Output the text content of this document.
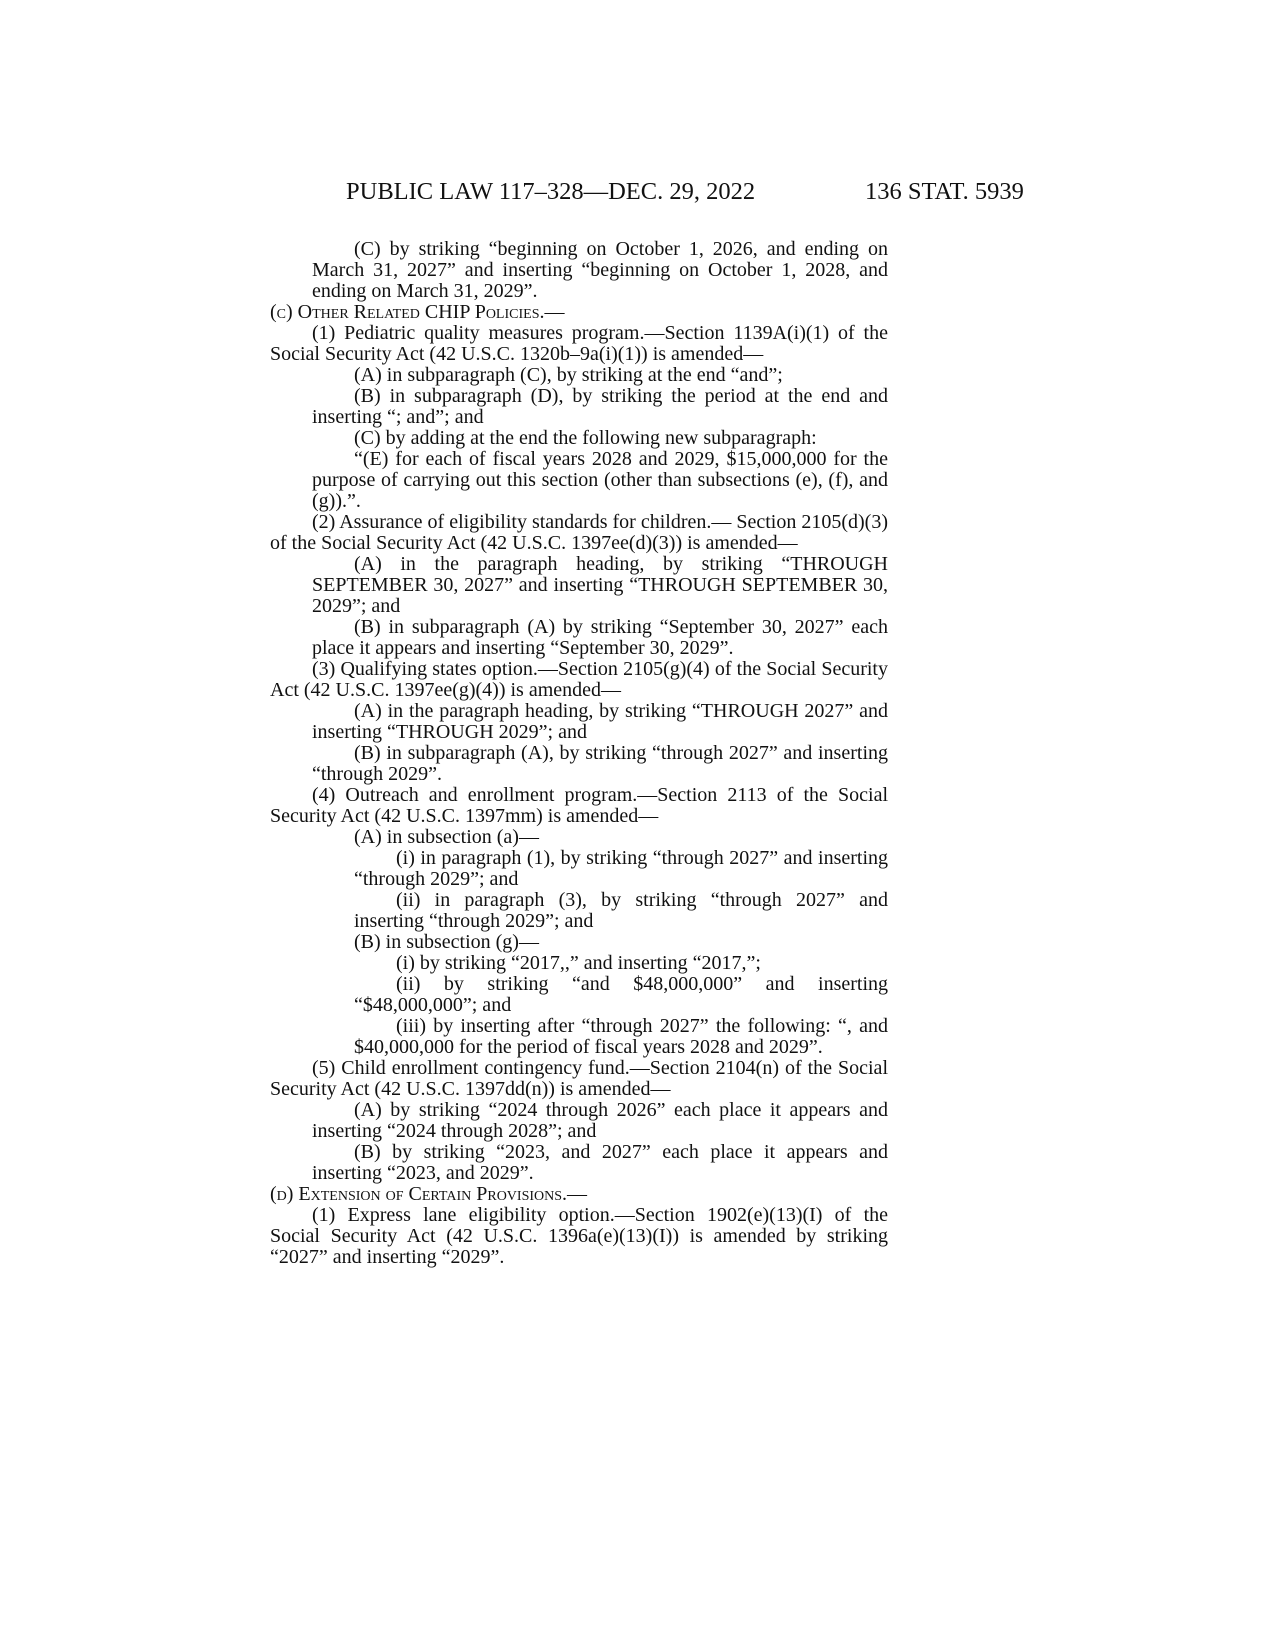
PUBLIC LAW 117–328—DEC. 29, 2022	136 STAT. 5939

(C) by striking “beginning on October 1, 2026, and ending on March 31, 2027” and inserting “beginning on October 1, 2028, and ending on March 31, 2029”.

(c) Other Related CHIP Policies.—

(1) Pediatric quality measures program.—Section 1139A(i)(1) of the Social Security Act (42 U.S.C. 1320b–9a(i)(1)) is amended—

(A) in subparagraph (C), by striking at the end “and”;

(B) in subparagraph (D), by striking the period at the end and inserting “; and”; and

(C) by adding at the end the following new subparagraph:

“(E) for each of fiscal years 2028 and 2029, $15,000,000 for the purpose of carrying out this section (other than subsections (e), (f), and (g)).”.

(2) Assurance of eligibility standards for children.— Section 2105(d)(3) of the Social Security Act (42 U.S.C. 1397ee(d)(3)) is amended—

(A) in the paragraph heading, by striking “THROUGH SEPTEMBER 30, 2027” and inserting “THROUGH SEPTEMBER 30, 2029”; and

(B) in subparagraph (A) by striking “September 30, 2027” each place it appears and inserting “September 30, 2029”.

(3) Qualifying states option.—Section 2105(g)(4) of the Social Security Act (42 U.S.C. 1397ee(g)(4)) is amended—

(A) in the paragraph heading, by striking “THROUGH 2027” and inserting “THROUGH 2029”; and

(B) in subparagraph (A), by striking “through 2027” and inserting “through 2029”.

(4) Outreach and enrollment program.—Section 2113 of the Social Security Act (42 U.S.C. 1397mm) is amended—

(A) in subsection (a)—

(i) in paragraph (1), by striking “through 2027” and inserting “through 2029”; and

(ii) in paragraph (3), by striking “through 2027” and inserting “through 2029”; and

(B) in subsection (g)—

(i) by striking “2017,,” and inserting “2017,”;

(ii) by striking “and $48,000,000” and inserting “$48,000,000”; and

(iii) by inserting after “through 2027” the following: “, and $40,000,000 for the period of fiscal years 2028 and 2029”.

(5) Child enrollment contingency fund.—Section 2104(n) of the Social Security Act (42 U.S.C. 1397dd(n)) is amended—

(A) by striking “2024 through 2026” each place it appears and inserting “2024 through 2028”; and

(B) by striking “2023, and 2027” each place it appears and inserting “2023, and 2029”.

(d) Extension of Certain Provisions.—

(1) Express lane eligibility option.—Section 1902(e)(13)(I) of the Social Security Act (42 U.S.C. 1396a(e)(13)(I)) is amended by striking “2027” and inserting “2029”.
